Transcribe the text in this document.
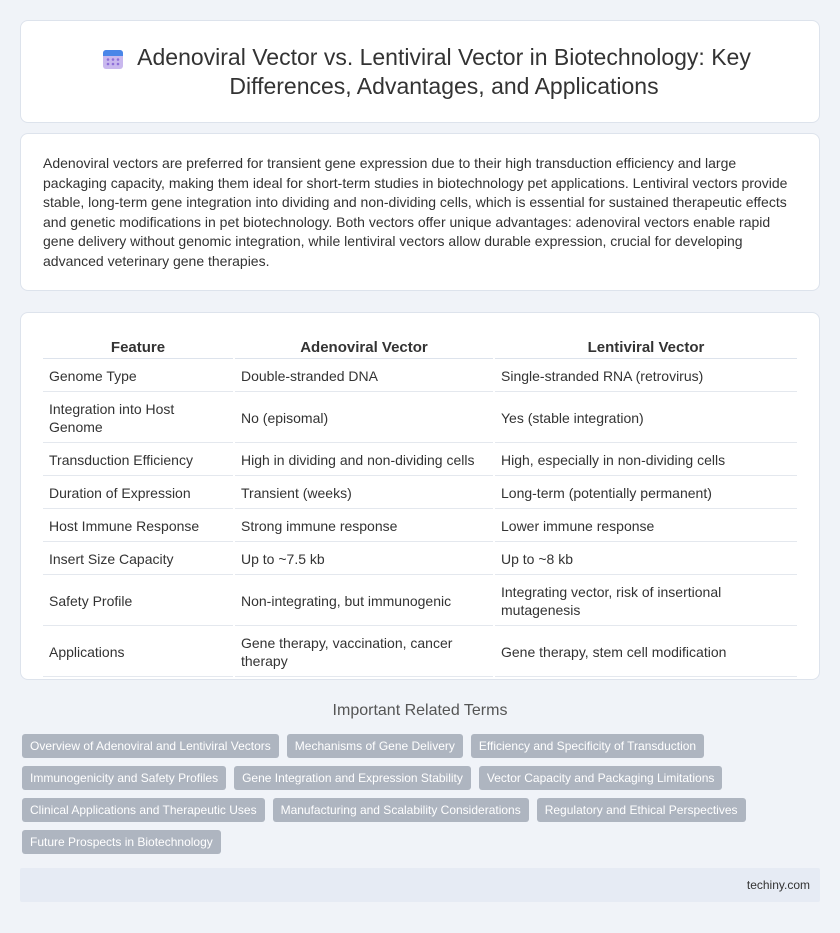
Adenoviral Vector vs. Lentiviral Vector in Biotechnology: Key Differences, Advantages, and Applications

Adenoviral vectors are preferred for transient gene expression due to their high transduction efficiency and large packaging capacity, making them ideal for short-term studies in biotechnology pet applications. Lentiviral vectors provide stable, long-term gene integration into dividing and non-dividing cells, which is essential for sustained therapeutic effects and genetic modifications in pet biotechnology. Both vectors offer unique advantages: adenoviral vectors enable rapid gene delivery without genomic integration, while lentiviral vectors allow durable expression, crucial for developing advanced veterinary gene therapies.

Feature	Adenoviral Vector	Lentiviral Vector
Genome Type	Double-stranded DNA	Single-stranded RNA (retrovirus)
Integration into Host Genome	No (episomal)	Yes (stable integration)
Transduction Efficiency	High in dividing and non-dividing cells	High, especially in non-dividing cells
Duration of Expression	Transient (weeks)	Long-term (potentially permanent)
Host Immune Response	Strong immune response	Lower immune response
Insert Size Capacity	Up to ~7.5 kb	Up to ~8 kb
Safety Profile	Non-integrating, but immunogenic	Integrating vector, risk of insertional mutagenesis
Applications	Gene therapy, vaccination, cancer therapy	Gene therapy, stem cell modification
Important Related Terms
Overview of Adenoviral and Lentiviral Vectors	Mechanisms of Gene Delivery	Efficiency and Specificity of Transduction
Immunogenicity and Safety Profiles	Gene Integration and Expression Stability	Vector Capacity and Packaging Limitations
Clinical Applications and Therapeutic Uses	Manufacturing and Scalability Considerations	Regulatory and Ethical Perspectives
Future Prospects in Biotechnology
techiny.com
